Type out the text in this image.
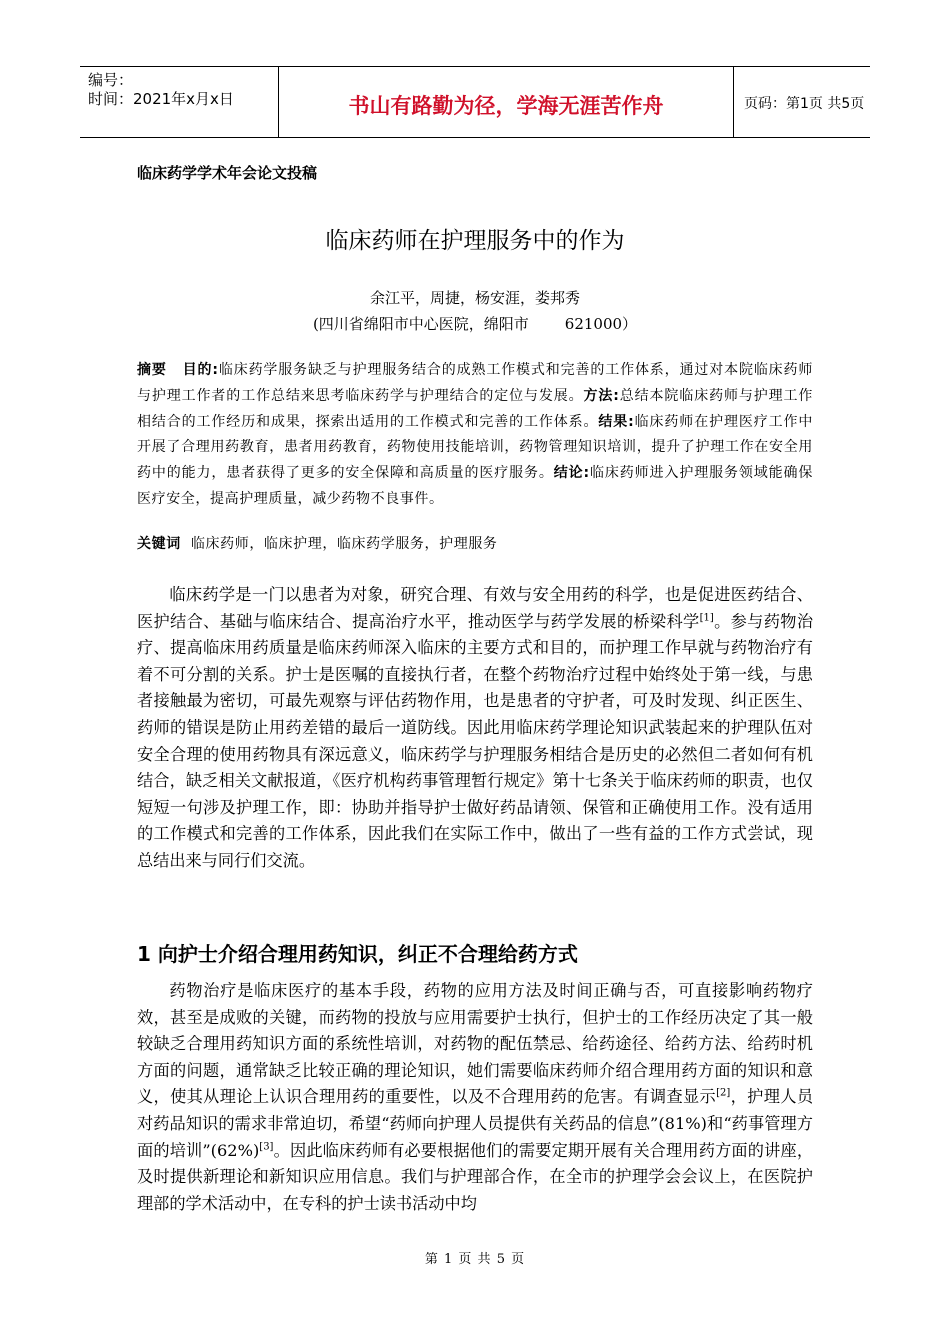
编号：
时间：2021年x月x日	书山有路勤为径，学海无涯苦作舟	页码：第1页 共5页
临床药学学术年会论文投稿
临床药师在护理服务中的作为
余江平，周捷，杨安涯，娄邦秀
(四川省绵阳市中心医院，绵阳市 621000）
摘要 目的:临床药学服务缺乏与护理服务结合的成熟工作模式和完善的工作体系，通过对本院临床药师与护理工作者的工作总结来思考临床药学与护理结合的定位与发展。方法:总结本院临床药师与护理工作相结合的工作经历和成果，探索出适用的工作模式和完善的工作体系。结果:临床药师在护理医疗工作中开展了合理用药教育，患者用药教育，药物使用技能培训，药物管理知识培训，提升了护理工作在安全用药中的能力，患者获得了更多的安全保障和高质量的医疗服务。结论:临床药师进入护理服务领域能确保医疗安全，提高护理质量，减少药物不良事件。
关键词 临床药师，临床护理，临床药学服务，护理服务
临床药学是一门以患者为对象，研究合理、有效与安全用药的科学，也是促进医药结合、医护结合、基础与临床结合、提高治疗水平，推动医学与药学发展的桥梁科学[1]。参与药物治疗、提高临床用药质量是临床药师深入临床的主要方式和目的，而护理工作早就与药物治疗有着不可分割的关系。护士是医嘱的直接执行者，在整个药物治疗过程中始终处于第一线，与患者接触最为密切，可最先观察与评估药物作用，也是患者的守护者，可及时发现、纠正医生、药师的错误是防止用药差错的最后一道防线。因此用临床药学理论知识武装起来的护理队伍对安全合理的使用药物具有深远意义，临床药学与护理服务相结合是历史的必然但二者如何有机结合，缺乏相关文献报道，《医疗机构药事管理暂行规定》第十七条关于临床药师的职责，也仅短短一句涉及护理工作，即：协助并指导护士做好药品请领、保管和正确使用工作。没有适用的工作模式和完善的工作体系，因此我们在实际工作中，做出了一些有益的工作方式尝试，现总结出来与同行们交流。
1 向护士介绍合理用药知识，纠正不合理给药方式
药物治疗是临床医疗的基本手段，药物的应用方法及时间正确与否，可直接影响药物疗效，甚至是成败的关键，而药物的投放与应用需要护士执行，但护士的工作经历决定了其一般较缺乏合理用药知识方面的系统性培训，对药物的配伍禁忌、给药途径、给药方法、给药时机方面的问题，通常缺乏比较正确的理论知识，她们需要临床药师介绍合理用药方面的知识和意义，使其从理论上认识合理用药的重要性，以及不合理用药的危害。有调查显示[2]，护理人员对药品知识的需求非常迫切，希望“药师向护理人员提供有关药品的信息”(81%)和“药事管理方面的培训”(62%)[3]。因此临床药师有必要根据他们的需要定期开展有关合理用药方面的讲座，及时提供新理论和新知识应用信息。我们与护理部合作，在全市的护理学会会议上，在医院护理部的学术活动中，在专科的护士读书活动中均
第 1 页 共 5 页
